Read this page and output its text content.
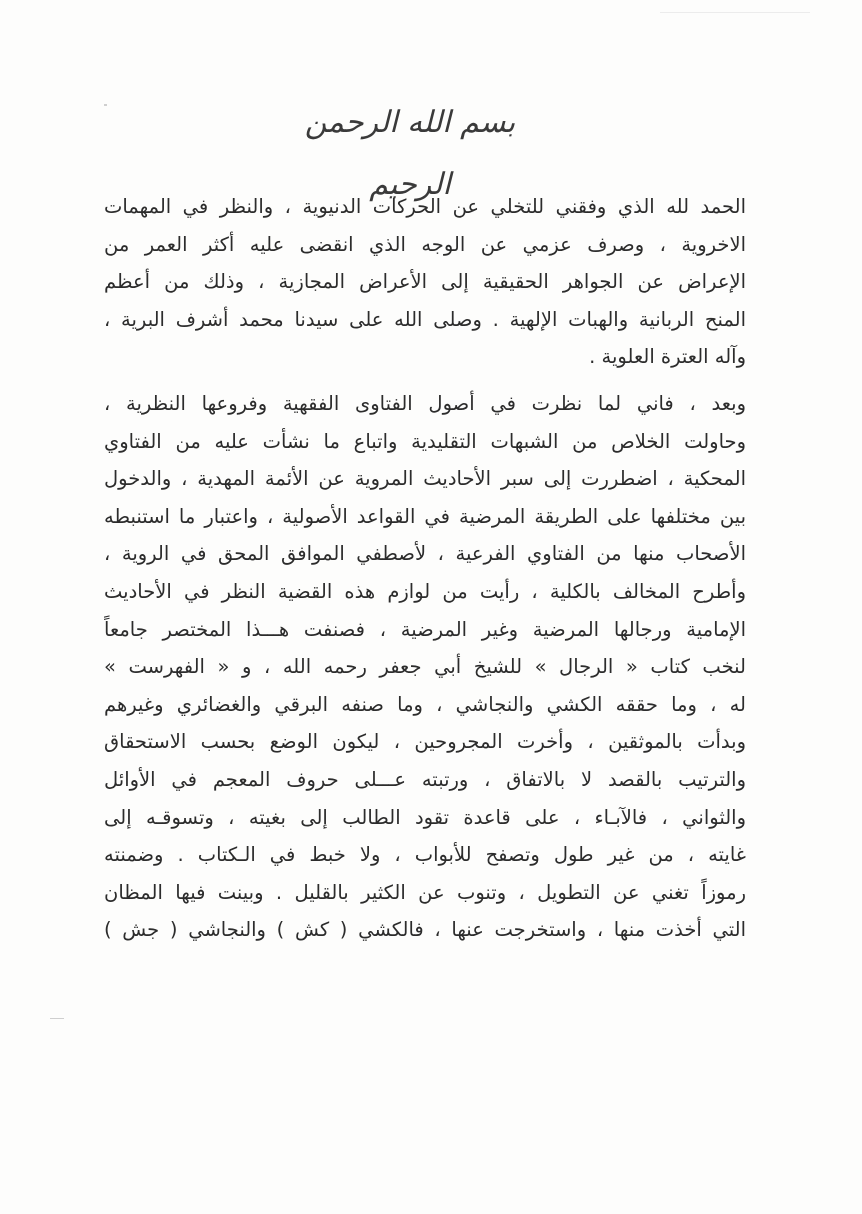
بسم الله الرحمن الرحيم
الحمد لله الذي وفقني للتخلي عن الحركات الدنيوية ، والنظر في المهمات
الاخروية ، وصرف عزمي عن الوجه الذي انقضى عليه أكثر العمر من
الإعراض عن الجواهر الحقيقية إلى الأعراض المجازية ، وذلك من أعظم
المنح الربانية والهبات الإلهية . وصلى الله على سيدنا محمد أشرف البرية ،
وآله العترة العلوية .
وبعد ، فاني لما نظرت في أصول الفتاوى الفقهية وفروعها النظرية ،
وحاولت الخلاص من الشبهات التقليدية واتباع ما نشأت عليه من الفتاوي
المحكية ، اضطررت إلى سبر الأحاديث المروية عن الأئمة المهدية ، والدخول
بين مختلفها على الطريقة المرضية في القواعد الأصولية ، واعتبار ما استنبطه
الأصحاب منها من الفتاوي الفرعية ، لأصطفي الموافق المحق في الروية ،
وأطرح المخالف بالكلية ، رأيت من لوازم هذه القضية النظر في الأحاديث
الإمامية ورجالها المرضية وغير المرضية ، فصنفت هـــذا المختصر جامعاً
لنخب كتاب « الرجال » للشيخ أبي جعفر رحمه الله ، و « الفهرست »
له ، وما حققه الكشي والنجاشي ، وما صنفه البرقي والغضائري وغيرهم
وبدأت بالموثقين ، وأخرت المجروحين ، ليكون الوضع بحسب الاستحقاق
والترتيب بالقصد لا بالاتفاق ، ورتبته عـــلى حروف المعجم في الأوائل
والثواني ، فالآبـاء ، على قاعدة تقود الطالب إلى بغيته ، وتسوقـه إلى
غايته ، من غير طول وتصفح للأبواب ، ولا خبط في الـكتاب . وضمنته
رموزاً تغني عن التطويل ، وتنوب عن الكثير بالقليل . وبينت فيها المظان
التي أخذت منها ، واستخرجت عنها ، فالكشي ( كش ) والنجاشي ( جش )
